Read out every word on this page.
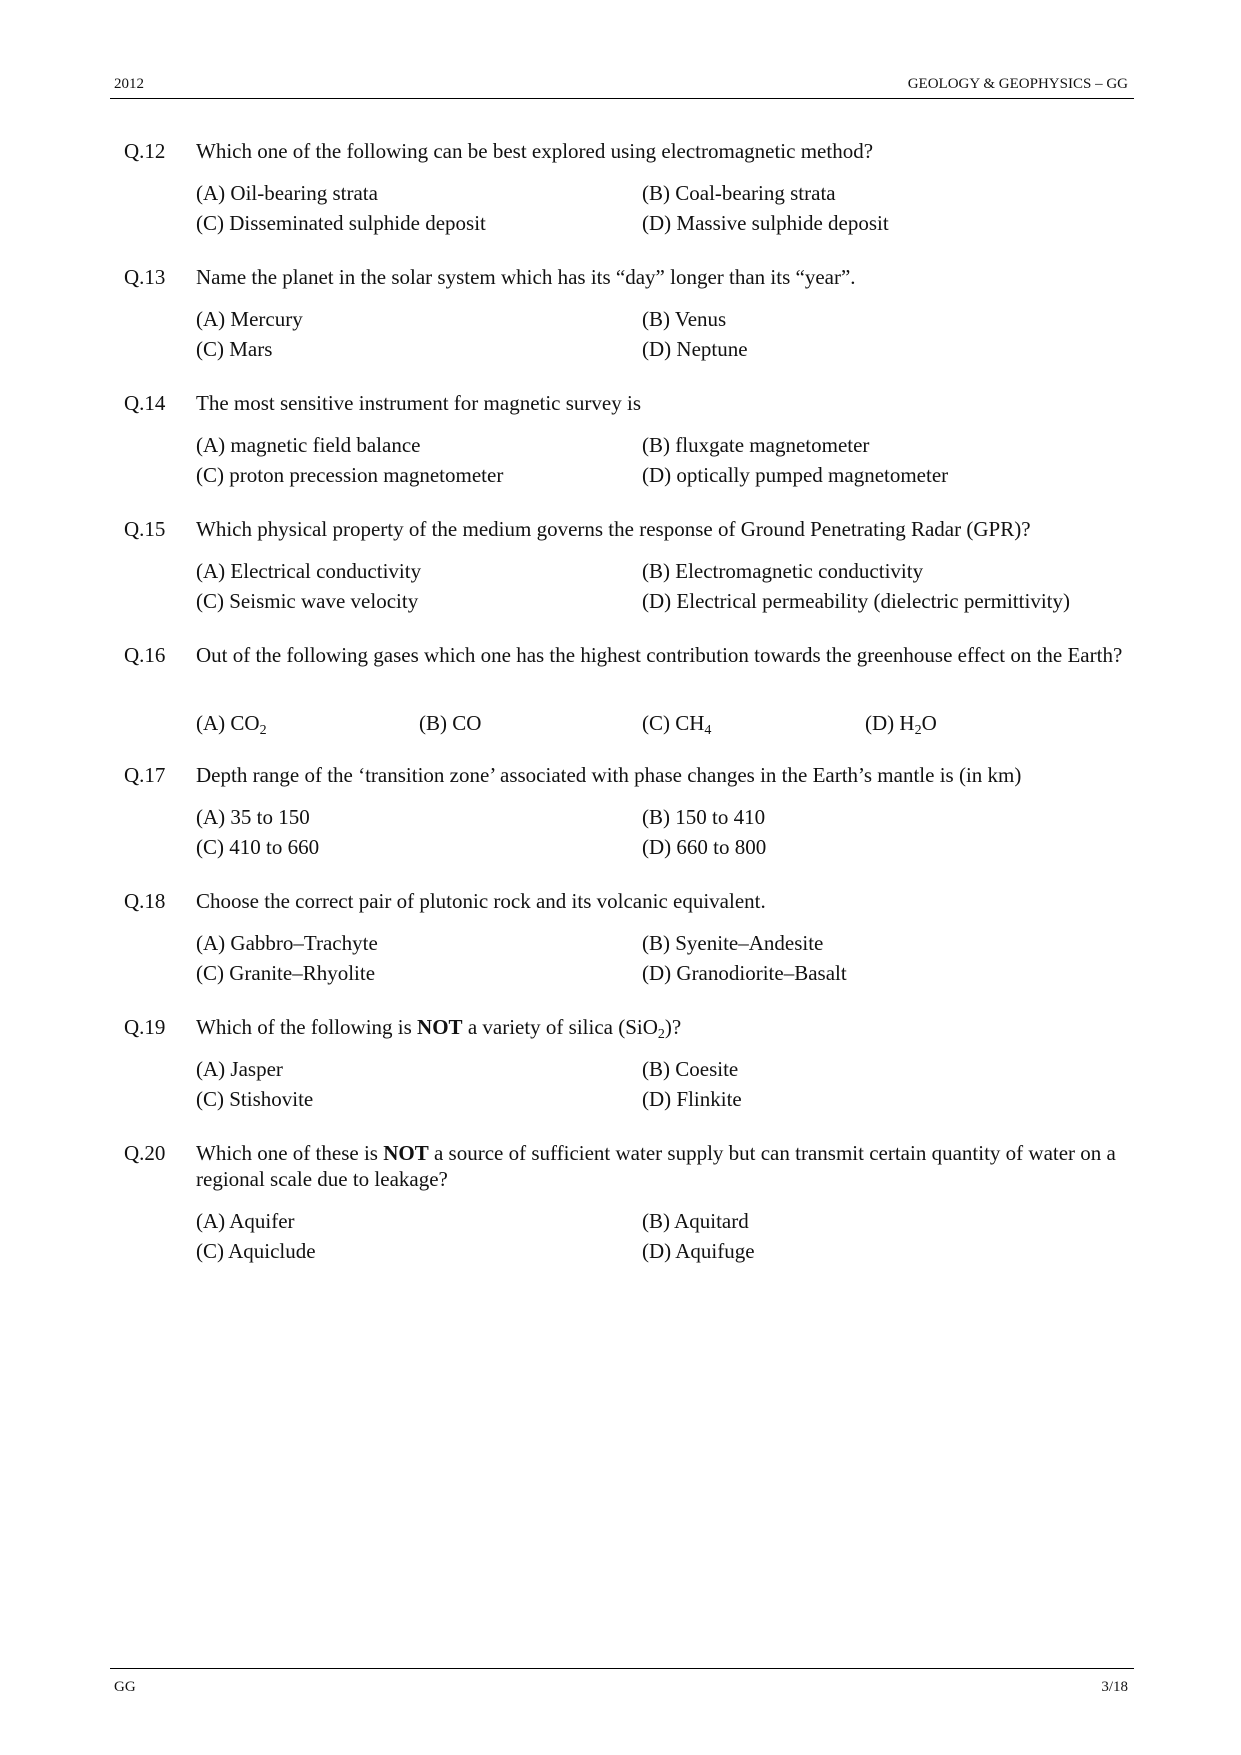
2012	GEOLOGY & GEOPHYSICS – GG
Q.12 Which one of the following can be best explored using electromagnetic method?
(A) Oil-bearing strata	(B) Coal-bearing strata
(C) Disseminated sulphide deposit	(D) Massive sulphide deposit
Q.13 Name the planet in the solar system which has its “day” longer than its “year”.
(A) Mercury	(B) Venus
(C) Mars	(D) Neptune
Q.14 The most sensitive instrument for magnetic survey is
(A) magnetic field balance	(B) fluxgate magnetometer
(C) proton precession magnetometer	(D) optically pumped magnetometer
Q.15 Which physical property of the medium governs the response of Ground Penetrating Radar (GPR)?
(A) Electrical conductivity	(B) Electromagnetic conductivity
(C) Seismic wave velocity	(D) Electrical permeability (dielectric permittivity)
Q.16 Out of the following gases which one has the highest contribution towards the greenhouse effect on the Earth?
(A) $CO_2$	(B) CO	(C) $CH_4$	(D) $H_2O$
Q.17 Depth range of the ‘transition zone’ associated with phase changes in the Earth’s mantle is (in km)
(A) 35 to 150	(B) 150 to 410
(C) 410 to 660	(D) 660 to 800
Q.18 Choose the correct pair of plutonic rock and its volcanic equivalent.
(A) Gabbro–Trachyte	(B) Syenite–Andesite
(C) Granite–Rhyolite	(D) Granodiorite–Basalt
Q.19 Which of the following is NOT a variety of silica (SiO$_2$)?
(A) Jasper	(B) Coesite
(C) Stishovite	(D) Flinkite
Q.20 Which one of these is NOT a source of sufficient water supply but can transmit certain quantity of water on a regional scale due to leakage?
(A) Aquifer	(B) Aquitard
(C) Aquiclude	(D) Aquifuge
GG	3/18
